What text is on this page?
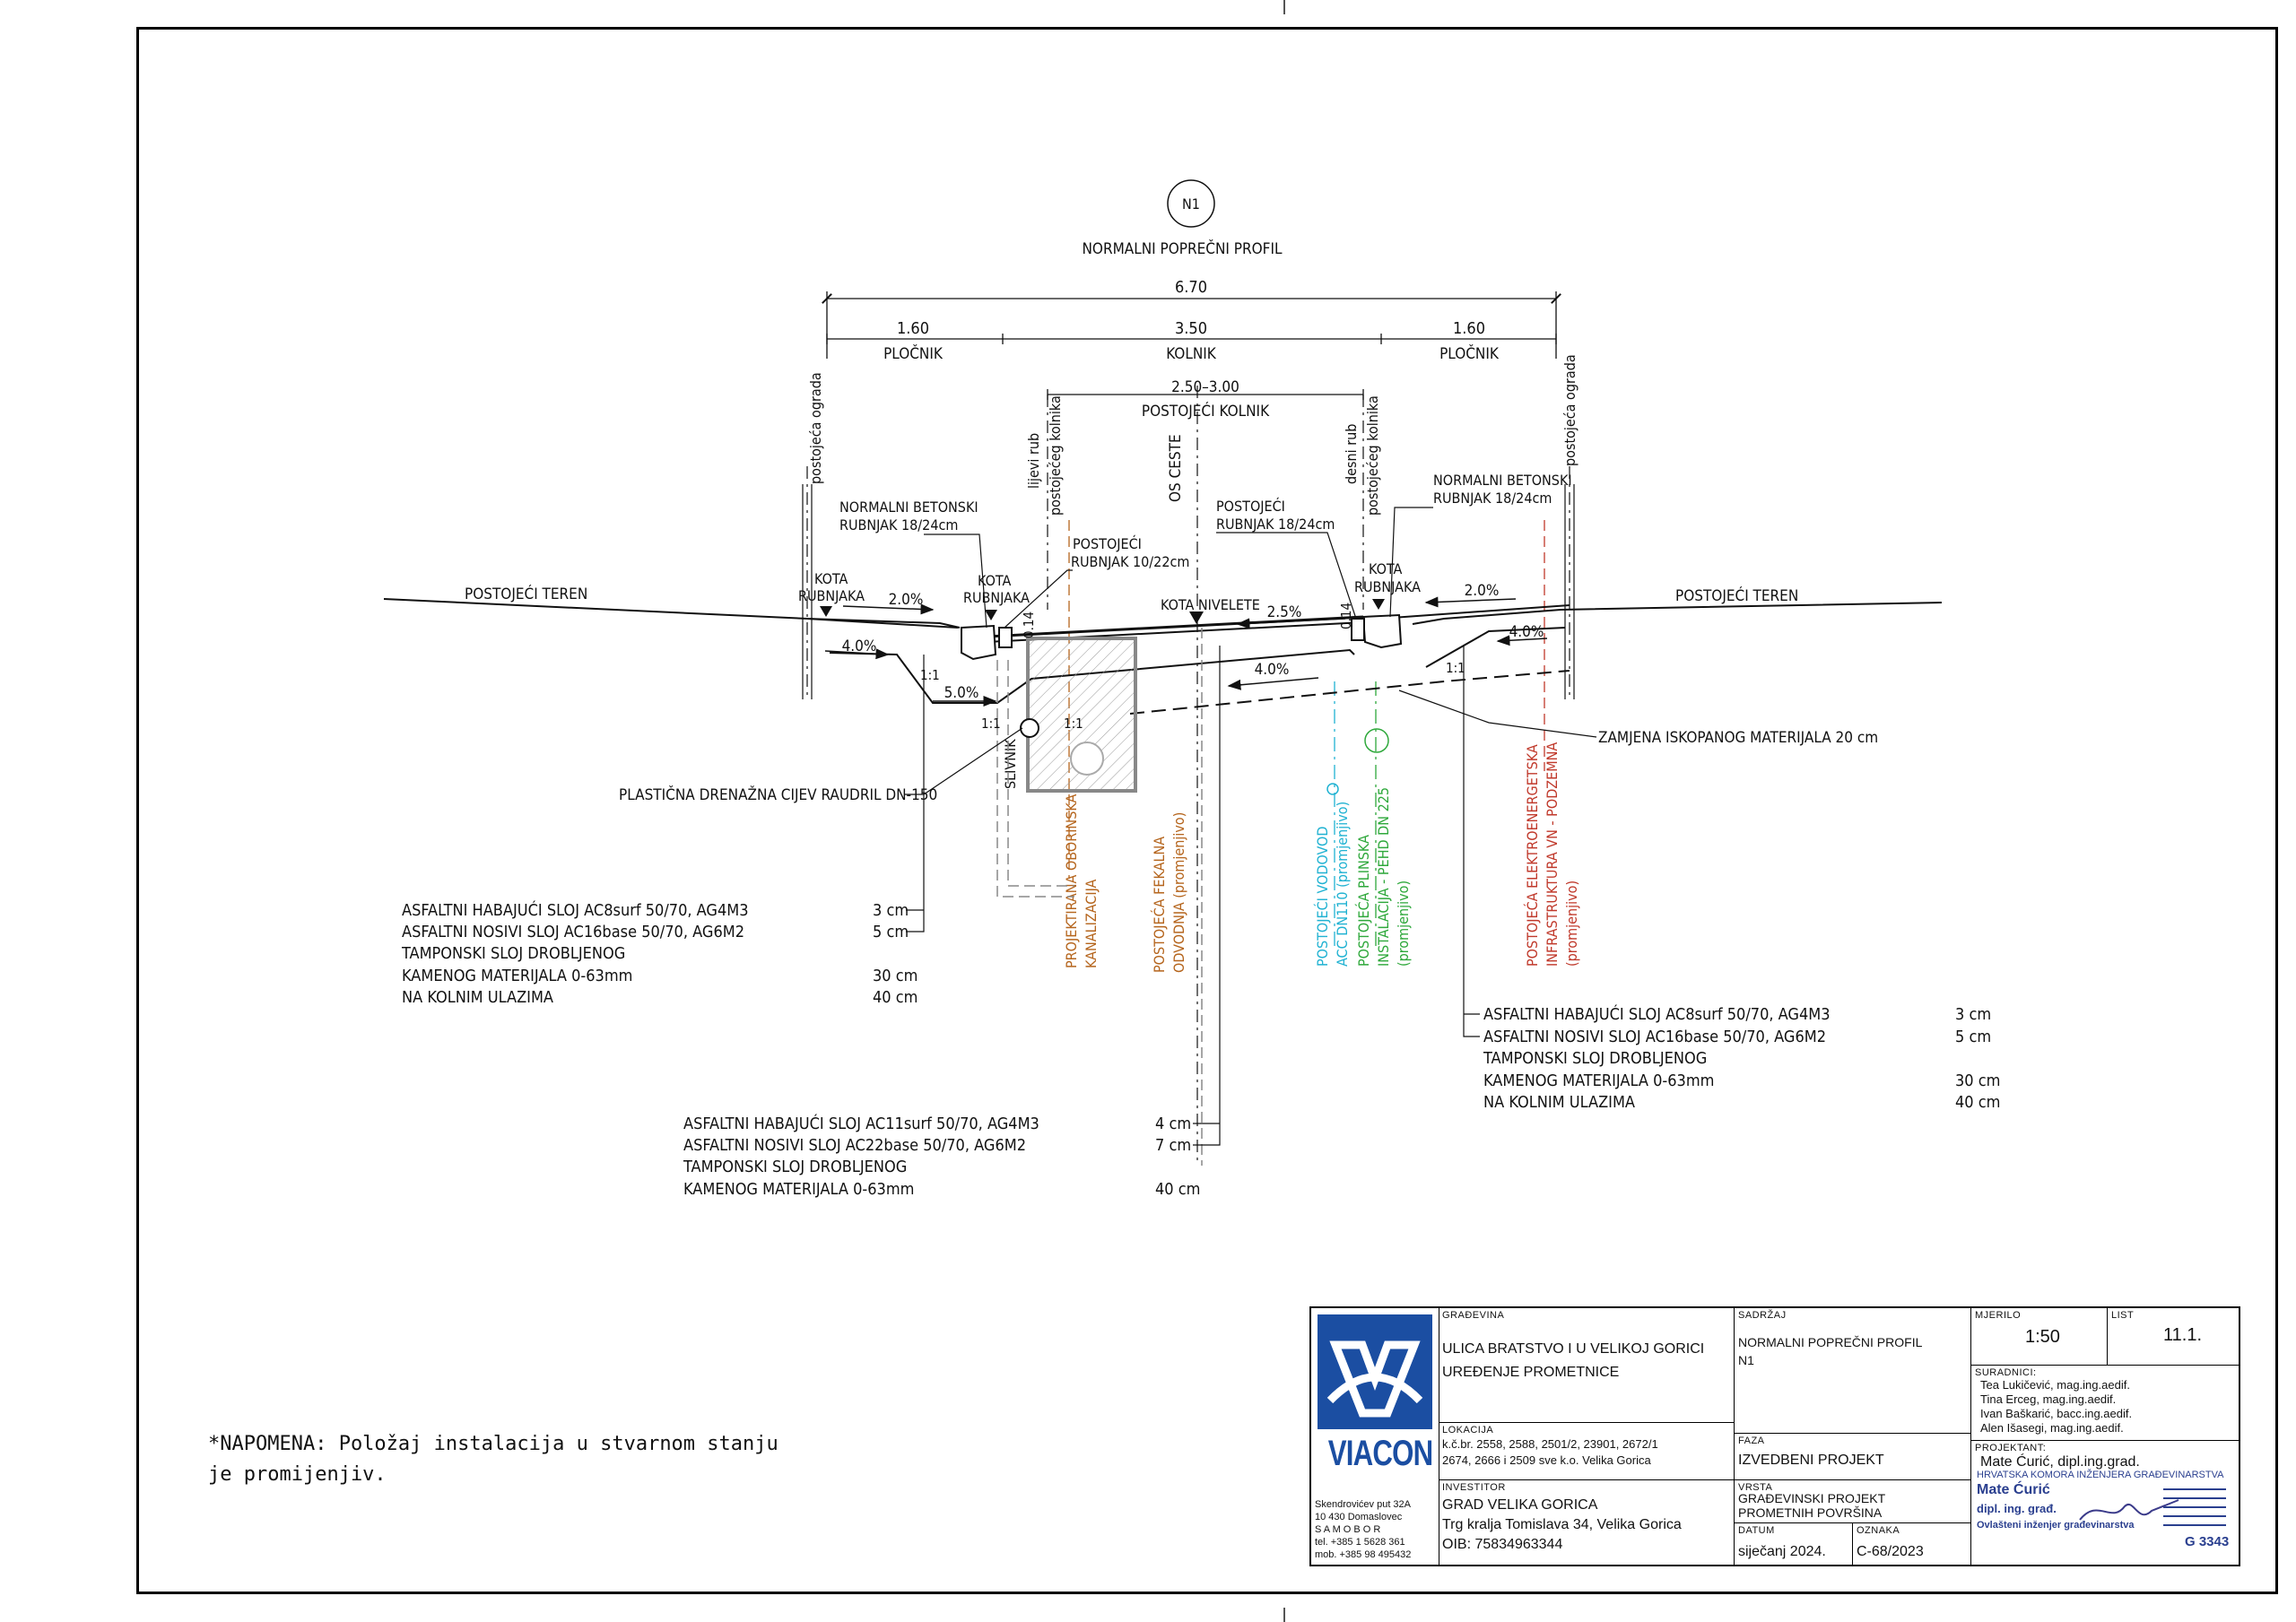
N1
NORMALNI POPREČNI PROFIL
6.70
1.60
PLOČNIK
3.50
KOLNIK
1.60
PLOČNIK
2.50–3.00
POSTOJEĆI KOLNIK
postojeća ograda	postojeća ograda
lijevi rub postojećeg kolnika	OS CESTE	desni rub postojećeg kolnika
SLIVNIK
PROJEKTIRANA OBORINSKA KANALIZACIJA	POSTOJEĆA FEKALNA ODVODNJA (promjenjivo)	POSTOJEĆI VODOVOD ACC DN110 (promjenjivo) POSTOJEĆA PLINSKA INSTALACIJA - PEHD DN 225 (promjenjivo)	POSTOJEĆA ELEKTROENERGETSKA INFRASTRUKTURA VN - PODZEMNA (promjenjivo)
2.0%
2.5%
2.0%
4.0%
5.0%
4.0%
4.0%
1:1
1:1	1:1
1:1
0.14	0.14
POSTOJEĆI TEREN	POSTOJEĆI TEREN
KOTA
RUBNJAKA
KOTA
RUBNJAKA	KOTA NIVELETE
KOTA
RUBNJAKA
NORMALNI BETONSKI
RUBNJAK 18/24cm
NORMALNI BETONSKI
RUBNJAK 18/24cm
POSTOJEĆI
RUBNJAK 10/22cm
POSTOJEĆI
RUBNJAK 18/24cm
ZAMJENA ISKOPANOG MATERIJALA 20 cm
PLASTIČNA DRENAŽNA CIJEV RAUDRIL DN-150
ASFALTNI HABAJUĆI SLOJ AC8surf 50/70, AG4M3	3 cm
ASFALTNI NOSIVI SLOJ AC16base 50/70, AG6M2	5 cm
TAMPONSKI SLOJ DROBLJENOG
KAMENOG MATERIJALA 0-63mm	30 cm
NA KOLNIM ULAZIMA	40 cm
ASFALTNI HABAJUĆI SLOJ AC11surf 50/70, AG4M3	4 cm
ASFALTNI NOSIVI SLOJ AC22base 50/70, AG6M2	7 cm
TAMPONSKI SLOJ DROBLJENOG
KAMENOG MATERIJALA 0-63mm	40 cm
ASFALTNI HABAJUĆI SLOJ AC8surf 50/70, AG4M3	3 cm
ASFALTNI NOSIVI SLOJ AC16base 50/70, AG6M2	5 cm
TAMPONSKI SLOJ DROBLJENOG
KAMENOG MATERIJALA 0-63mm	30 cm
NA KOLNIM ULAZIMA	40 cm
*NAPOMENA: Položaj instalacija u stvarnom stanju je promijenjiv.
VIACON
Skendrovićev put 32A
10 430 Domaslovec
S A M O B O R
tel. +385 1 5628 361
mob. +385 98 495432
GRAĐEVINA
ULICA BRATSTVO I U VELIKOJ GORICI
UREĐENJE PROMETNICE
LOKACIJA
k.č.br. 2558, 2588, 2501/2, 23901, 2672/1
2674, 2666 i 2509 sve k.o. Velika Gorica
INVESTITOR
GRAD VELIKA GORICA
Trg kralja Tomislava 34, Velika Gorica
OIB: 75834963344
SADRŽAJ
NORMALNI POPREČNI PROFIL
N1
FAZA
IZVEDBENI PROJEKT
VRSTA
GRAĐEVINSKI PROJEKT
PROMETNIH POVRŠINA
DATUM
siječanj 2024.
OZNAKA
C-68/2023
MJERILO
1:50
LIST
11.1.
SURADNICI:
Tea Lukičević, mag.ing.aedif.
Tina Erceg, mag.ing.aedif.
Ivan Baškarić, bacc.ing.aedif.
Alen Išasegi, mag.ing.aedif.
PROJEKTANT:
Mate Ćurić, dipl.ing.grad.
HRVATSKA KOMORA INŽENJERA GRAĐEVINARSTVA
Mate Ćurić
dipl. ing. građ.
Ovlašteni inženjer građevinarstva
G 3343
